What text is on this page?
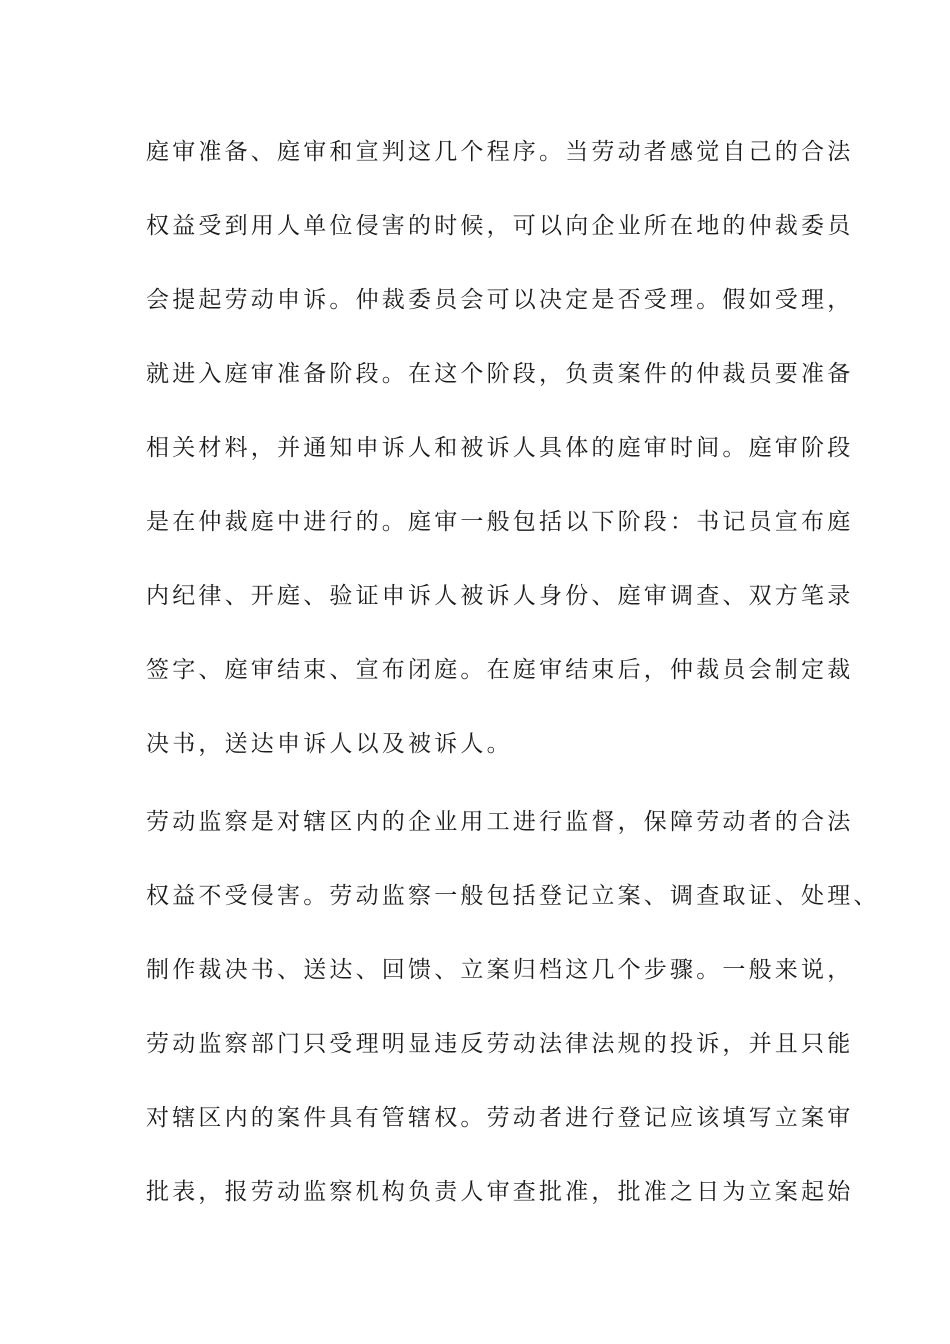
庭审准备、庭审和宣判这几个程序。当劳动者感觉自己的合法
权益受到用人单位侵害的时候，可以向企业所在地的仲裁委员
会提起劳动申诉。仲裁委员会可以决定是否受理。假如受理，
就进入庭审准备阶段。在这个阶段，负责案件的仲裁员要准备
相关材料，并通知申诉人和被诉人具体的庭审时间。庭审阶段
是在仲裁庭中进行的。庭审一般包括以下阶段：书记员宣布庭
内纪律、开庭、验证申诉人被诉人身份、庭审调查、双方笔录
签字、庭审结束、宣布闭庭。在庭审结束后，仲裁员会制定裁
决书，送达申诉人以及被诉人。
劳动监察是对辖区内的企业用工进行监督，保障劳动者的合法
权益不受侵害。劳动监察一般包括登记立案、调查取证、处理、
制作裁决书、送达、回馈、立案归档这几个步骤。一般来说，
劳动监察部门只受理明显违反劳动法律法规的投诉，并且只能
对辖区内的案件具有管辖权。劳动者进行登记应该填写立案审
批表，报劳动监察机构负责人审查批准，批准之日为立案起始
